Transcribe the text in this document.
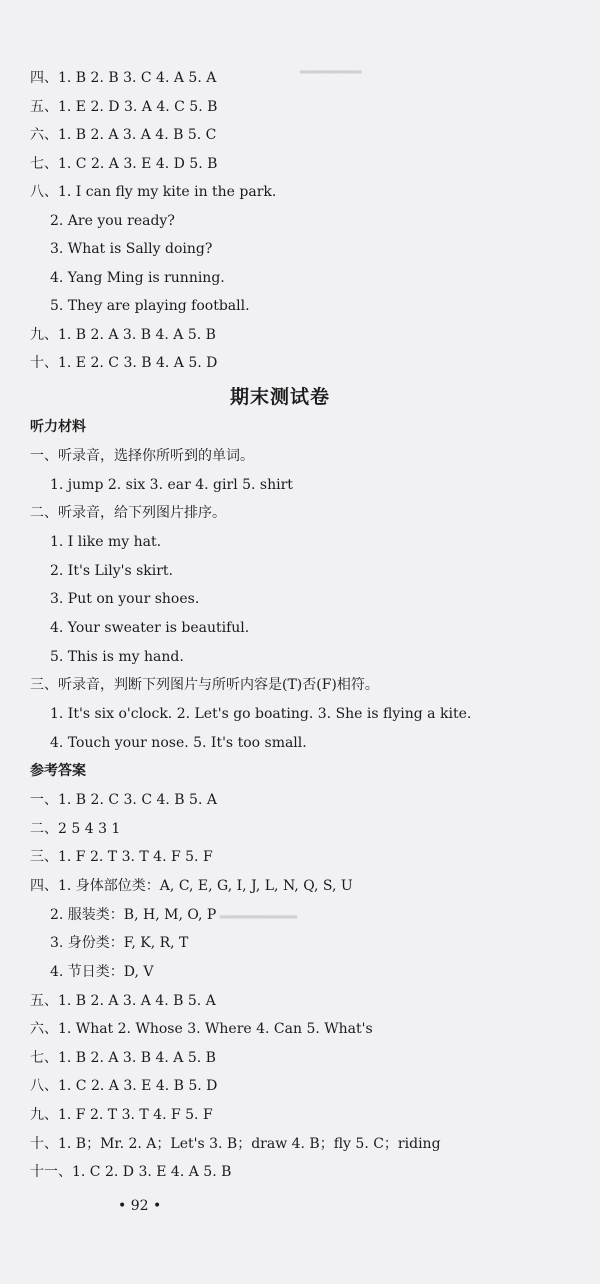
▔▔▔▔
▔▔▔▔▔
四、1. B 2. B 3. C 4. A 5. A
五、1. E 2. D 3. A 4. C 5. B
六、1. B 2. A 3. A 4. B 5. C
七、1. C 2. A 3. E 4. D 5. B
八、1. I can fly my kite in the park.
2. Are you ready?
3. What is Sally doing?
4. Yang Ming is running.
5. They are playing football.
九、1. B 2. A 3. B 4. A 5. B
十、1. E 2. C 3. B 4. A 5. D
期末测试卷
听力材料
一、听录音，选择你所听到的单词。
1. jump 2. six 3. ear 4. girl 5. shirt
二、听录音，给下列图片排序。
1. I like my hat.
2. It's Lily's skirt.
3. Put on your shoes.
4. Your sweater is beautiful.
5. This is my hand.
三、听录音，判断下列图片与所听内容是(T)否(F)相符。
1. It's six o'clock. 2. Let's go boating. 3. She is flying a kite.
4. Touch your nose. 5. It's too small.
参考答案
一、1. B 2. C 3. C 4. B 5. A
二、2 5 4 3 1
三、1. F 2. T 3. T 4. F 5. F
四、1. 身体部位类：A, C, E, G, I, J, L, N, Q, S, U
2. 服装类：B, H, M, O, P
3. 身份类：F, K, R, T
4. 节日类：D, V
五、1. B 2. A 3. A 4. B 5. A
六、1. What 2. Whose 3. Where 4. Can 5. What's
七、1. B 2. A 3. B 4. A 5. B
八、1. C 2. A 3. E 4. B 5. D
九、1. F 2. T 3. T 4. F 5. F
十、1. B；Mr. 2. A；Let's 3. B；draw 4. B；fly 5. C；riding
十一、1. C 2. D 3. E 4. A 5. B
• 92 •
